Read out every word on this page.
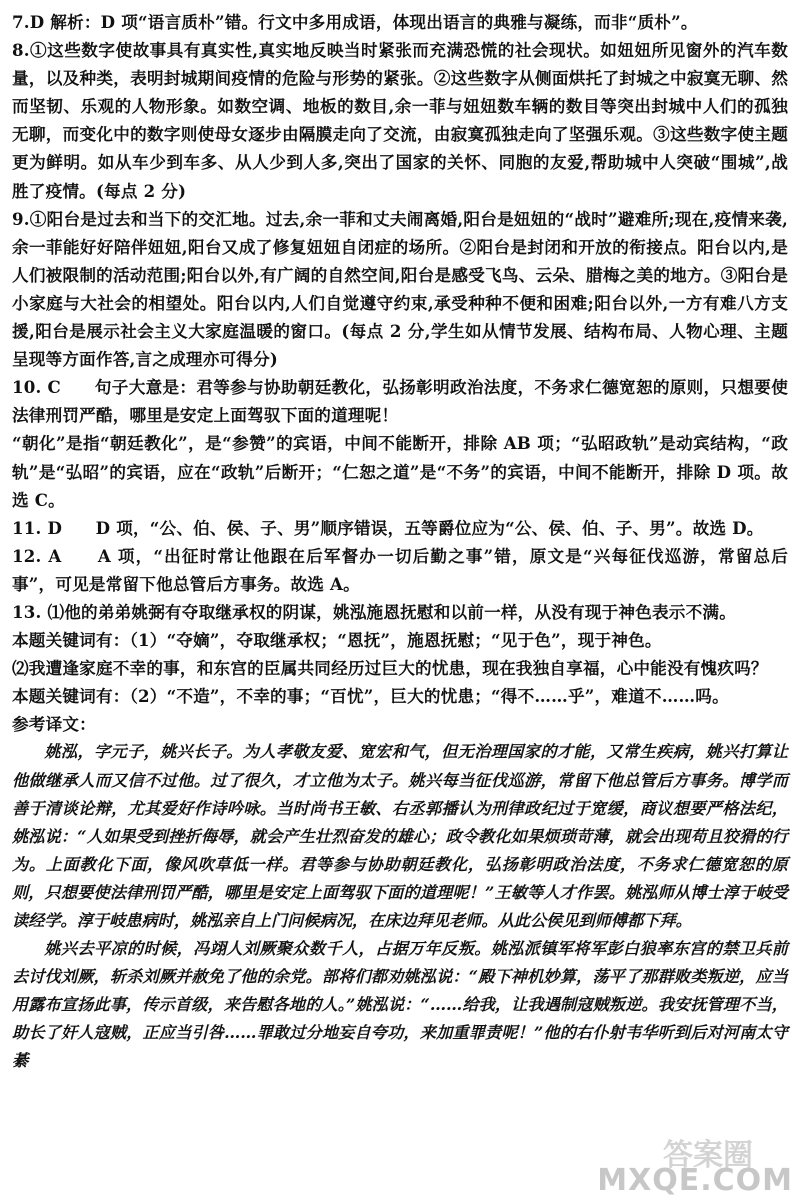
7.D 解析：D 项“语言质朴”错。行文中多用成语，体现出语言的典雅与凝练，而非“质朴”。

8.①这些数字使故事具有真实性,真实地反映当时紧张而充满恐慌的社会现状。如妞妞所见窗外的汽车数量，以及种类，表明封城期间疫情的危险与形势的紧张。②这些数字从侧面烘托了封城之中寂寞无聊、然而坚韧、乐观的人物形象。如数空调、地板的数目,余一菲与妞妞数车辆的数目等突出封城中人们的孤独无聊，而变化中的数字则使母女逐步由隔膜走向了交流，由寂寞孤独走向了坚强乐观。③这些数字使主题更为鲜明。如从车少到车多、从人少到人多,突出了国家的关怀、同胞的友爱,帮助城中人突破“围城”,战胜了疫情。(每点 2 分)

9.①阳台是过去和当下的交汇地。过去,余一菲和丈夫闹离婚,阳台是妞妞的“战时”避难所;现在,疫情来袭,余一菲能好好陪伴妞妞,阳台又成了修复妞妞自闭症的场所。②阳台是封闭和开放的衔接点。阳台以内,是人们被限制的活动范围;阳台以外,有广阔的自然空间,阳台是感受飞鸟、云朵、腊梅之美的地方。③阳台是小家庭与大社会的相望处。阳台以内,人们自觉遵守约束,承受种种不便和困难;阳台以外,一方有难八方支援,阳台是展示社会主义大家庭温暖的窗口。(每点 2 分,学生如从情节发展、结构布局、人物心理、主题呈现等方面作答,言之成理亦可得分)

10. C　　句子大意是：君等参与协助朝廷教化，弘扬彰明政治法度，不务求仁德宽恕的原则，只想要使法律刑罚严酷，哪里是安定上面驾驭下面的道理呢！

“朝化”是指“朝廷教化”，是“参赞”的宾语，中间不能断开，排除 AB 项；“弘昭政轨”是动宾结构，“政轨”是“弘昭”的宾语，应在“政轨”后断开；“仁恕之道”是“不务”的宾语，中间不能断开，排除 D 项。故选 C。

11. D　　D 项，“公、伯、侯、子、男”顺序错误，五等爵位应为“公、侯、伯、子、男”。故选 D。

12. A　　A 项，“出征时常让他跟在后军督办一切后勤之事”错，原文是“兴每征伐巡游，常留总后事”，可见是常留下他总管后方事务。故选 A。

13. ⑴他的弟弟姚弼有夺取继承权的阴谋，姚泓施恩抚慰和以前一样，从没有现于神色表示不满。

本题关键词有：（1）“夺嫡”，夺取继承权；“恩抚”，施恩抚慰；“见于色”，现于神色。

⑵我遭逢家庭不幸的事，和东宫的臣属共同经历过巨大的忧患，现在我独自享福，心中能没有愧疚吗？

本题关键词有：（2）“不造”，不幸的事；“百忧”，巨大的忧患；“得不……乎”，难道不……吗。

参考译文：

姚泓，字元子，姚兴长子。为人孝敬友爱、宽宏和气，但无治理国家的才能，又常生疾病，姚兴打算让他做继承人而又信不过他。过了很久，才立他为太子。姚兴每当征伐巡游，常留下他总管后方事务。博学而善于清谈论辩，尤其爱好作诗吟咏。当时尚书王敏、右丞郭播认为刑律政纪过于宽缓，商议想要严格法纪，姚泓说：“人如果受到挫折侮辱，就会产生壮烈奋发的雄心；政令教化如果烦琐苛薄，就会出现苟且狡猾的行为。上面教化下面，像风吹草低一样。君等参与协助朝廷教化，弘扬彰明政治法度，不务求仁德宽恕的原则，只想要使法律刑罚严酷，哪里是安定上面驾驭下面的道理呢！”王敏等人才作罢。姚泓师从博士淳于岐受读经学。淳于岐患病时，姚泓亲自上门问候病况，在床边拜见老师。从此公侯见到师傅都下拜。

姚兴去平凉的时候，冯翊人刘厥聚众数千人，占据万年反叛。姚泓派镇军将军彭白狼率东宫的禁卫兵前去讨伐刘厥，斩杀刘厥并赦免了他的余党。部将们都劝姚泓说：“殿下神机妙算，荡平了那群败类叛逆，应当用露布宣扬此事，传示首级，来告慰各地的人。”姚泓说：“……给我，让我遇制寇贼叛逆。我安抚管理不当，助长了奸人寇贼，正应当引咎……罪敢过分地妄自夸功，来加重罪责呢！”他的右仆射韦华听到后对河南太守綦

答案圈
MXQE.COM
